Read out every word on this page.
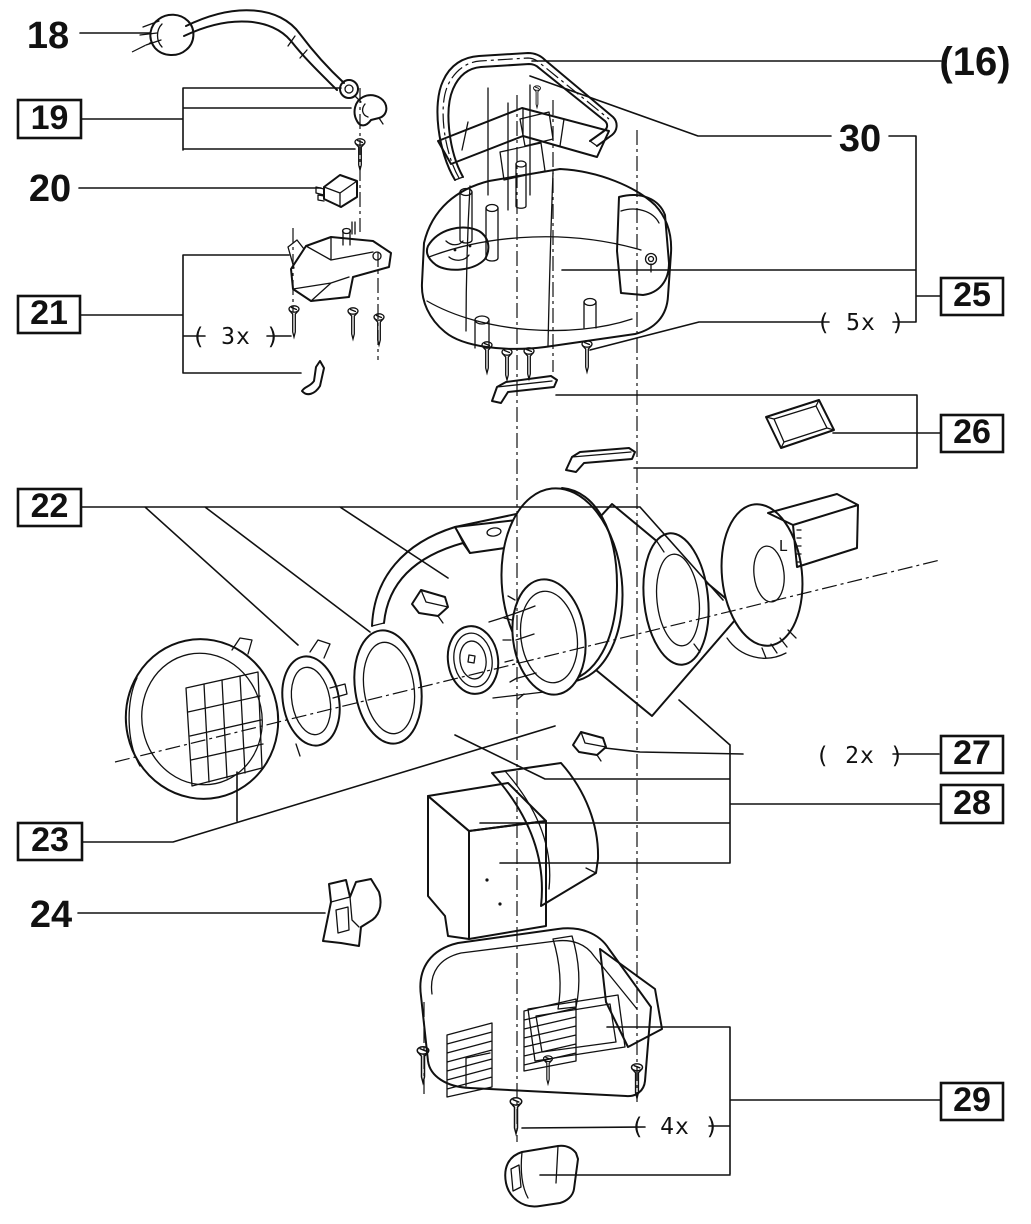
L
18
19
20
21
22
23
24
25
26
27
28
29
30
(16)
( 3x )
( 5x )
( 2x )
( 4x )
